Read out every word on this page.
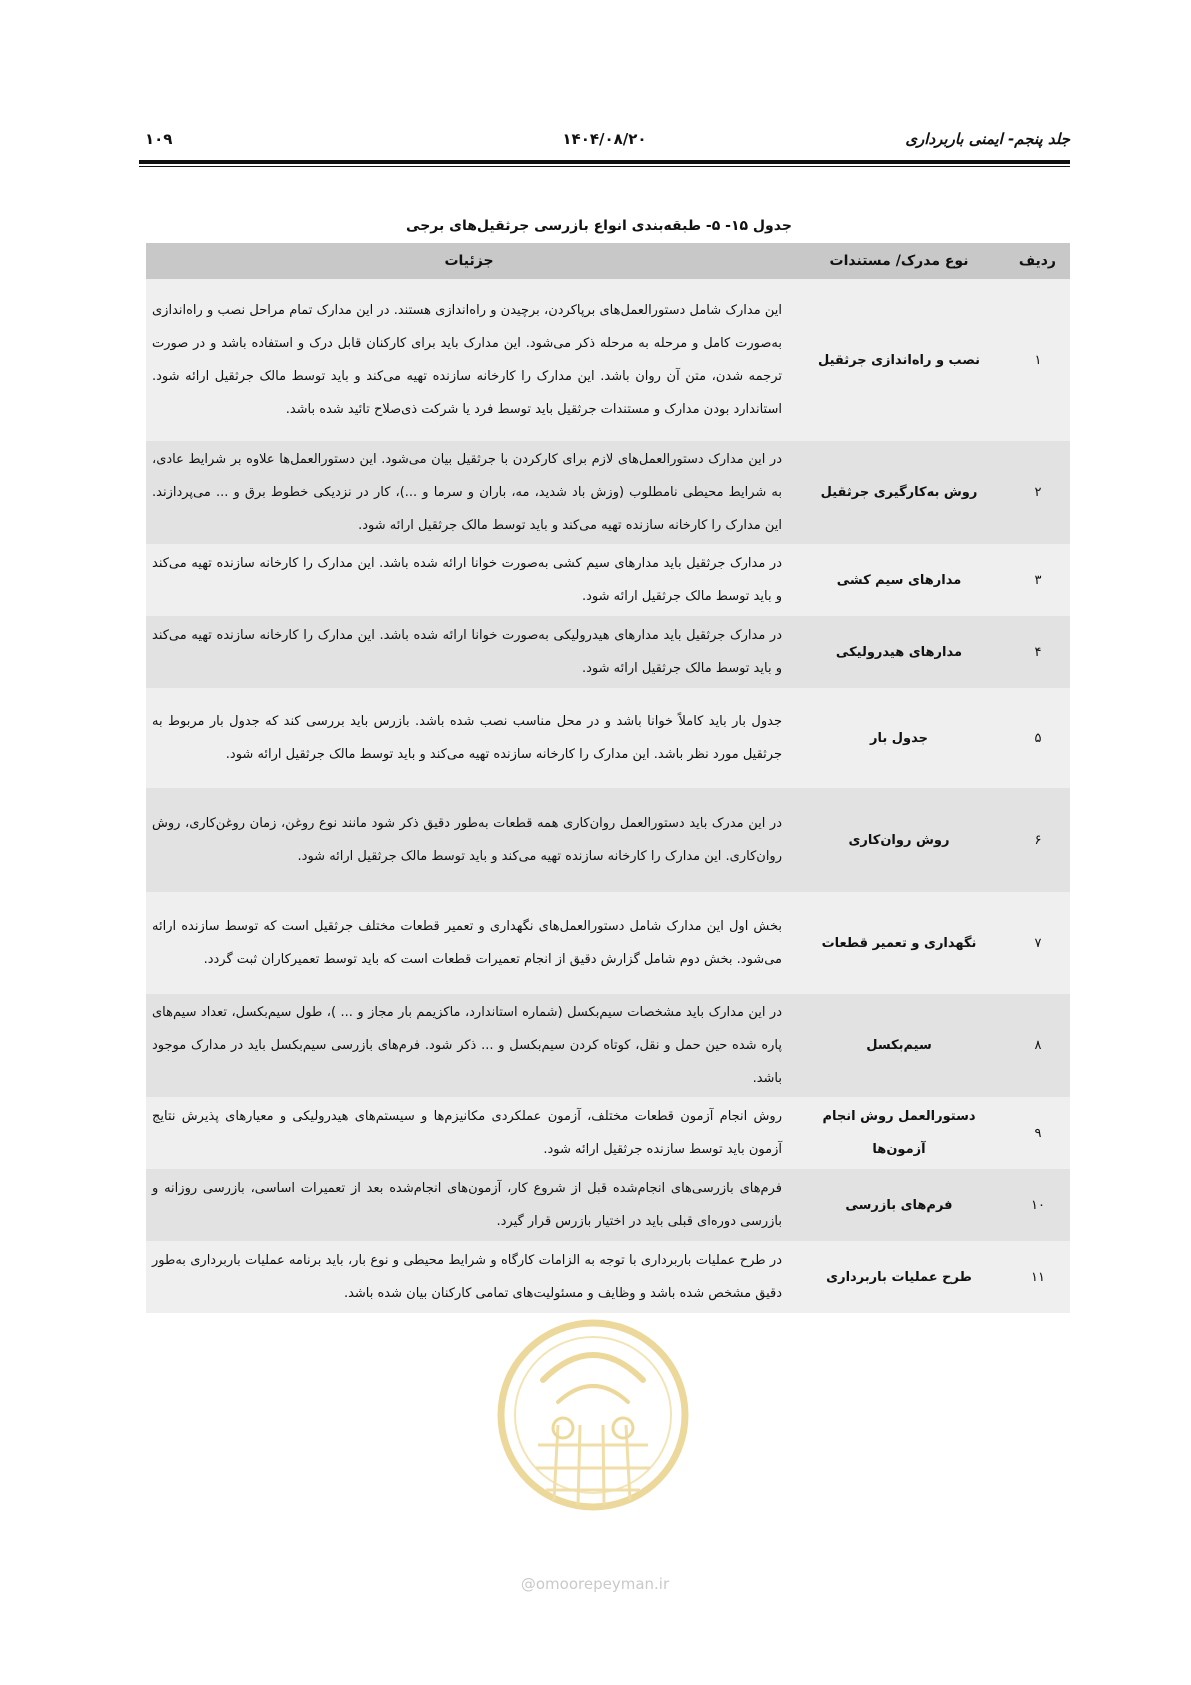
۱۰۹	۱۴۰۴/۰۸/۲۰	جلد پنجم- ایمنی باربرداری
جدول ۱۵- ۵- طبقه‌بندی انواع بازرسی جرثقیل‌های برجی
ردیف	نوع مدرک/ مستندات	جزئیات
۱	نصب و راه‌اندازی جرثقیل	این مدارک شامل دستورالعمل‌های برپاکردن، برچیدن و راه‌اندازی هستند. در این مدارک تمام مراحل نصب و راه‌اندازی به‌صورت کامل و مرحله به مرحله ذکر می‌شود. این مدارک باید برای کارکنان قابل درک و استفاده باشد و در صورت ترجمه شدن، متن آن روان باشد. این مدارک را کارخانه سازنده تهیه می‌کند و باید توسط مالک جرثقیل ارائه شود. استاندارد بودن مدارک و مستندات جرثقیل باید توسط فرد یا شرکت ذی‌صلاح تائید شده باشد.
۲	روش به‌کارگیری جرثقیل	در این مدارک دستورالعمل‌های لازم برای کارکردن با جرثقیل بیان می‌شود. این دستورالعمل‌ها علاوه بر شرایط عادی، به شرایط محیطی نامطلوب (وزش باد شدید، مه، باران و سرما و ...)، کار در نزدیکی خطوط برق و ... می‌پردازند. این مدارک را کارخانه سازنده تهیه می‌کند و باید توسط مالک جرثقیل ارائه شود.
۳	مدارهای سیم کشی	در مدارک جرثقیل باید مدارهای سیم کشی به‌صورت خوانا ارائه شده باشد. این مدارک را کارخانه سازنده تهیه می‌کند و باید توسط مالک جرثقیل ارائه شود.
۴	مدارهای هیدرولیکی	در مدارک جرثقیل باید مدارهای هیدرولیکی به‌صورت خوانا ارائه شده باشد. این مدارک را کارخانه سازنده تهیه می‌کند و باید توسط مالک جرثقیل ارائه شود.
۵	جدول بار	جدول بار باید کاملاً خوانا باشد و در محل مناسب نصب شده باشد. بازرس باید بررسی کند که جدول بار مربوط به جرثقیل مورد نظر باشد. این مدارک را کارخانه سازنده تهیه می‌کند و باید توسط مالک جرثقیل ارائه شود.
۶	روش روان‌کاری	در این مدرک باید دستورالعمل روان‌کاری همه قطعات به‌طور دقیق ذکر شود مانند نوع روغن، زمان روغن‌کاری، روش روان‌کاری. این مدارک را کارخانه سازنده تهیه می‌کند و باید توسط مالک جرثقیل ارائه شود.
۷	نگهداری و تعمیر قطعات	بخش اول این مدارک شامل دستورالعمل‌های نگهداری و تعمیر قطعات مختلف جرثقیل است که توسط سازنده ارائه می‌شود. بخش دوم شامل گزارش دقیق از انجام تعمیرات قطعات است که باید توسط تعمیرکاران ثبت گردد.
۸	سیم‌بکسل	در این مدارک باید مشخصات سیم‌بکسل (شماره استاندارد، ماکزیمم بار مجاز و ... )، طول سیم‌بکسل، تعداد سیم‌های پاره شده حین حمل و نقل، کوتاه کردن سیم‌بکسل و ... ذکر شود. فرم‌های بازرسی سیم‌بکسل باید در مدارک موجود باشد.
۹	دستورالعمل روش انجام آزمون‌ها	روش انجام آزمون قطعات مختلف، آزمون عملکردی مکانیزم‌ها و سیستم‌های هیدرولیکی و معیارهای پذیرش نتایج آزمون باید توسط سازنده جرثقیل ارائه شود.
۱۰	فرم‌های بازرسی	فرم‌های بازرسی‌های انجام‌شده قبل از شروع کار، آزمون‌های انجام‌شده بعد از تعمیرات اساسی، بازرسی روزانه و بازرسی دوره‌ای قبلی باید در اختیار بازرس قرار گیرد.
۱۱	طرح عملیات باربرداری	در طرح عملیات باربرداری با توجه به الزامات کارگاه و شرایط محیطی و نوع بار، باید برنامه عملیات باربرداری به‌طور دقیق مشخص شده باشد و وظایف و مسئولیت‌های تمامی کارکنان بیان شده باشد.
@omoorepeyman.ir
